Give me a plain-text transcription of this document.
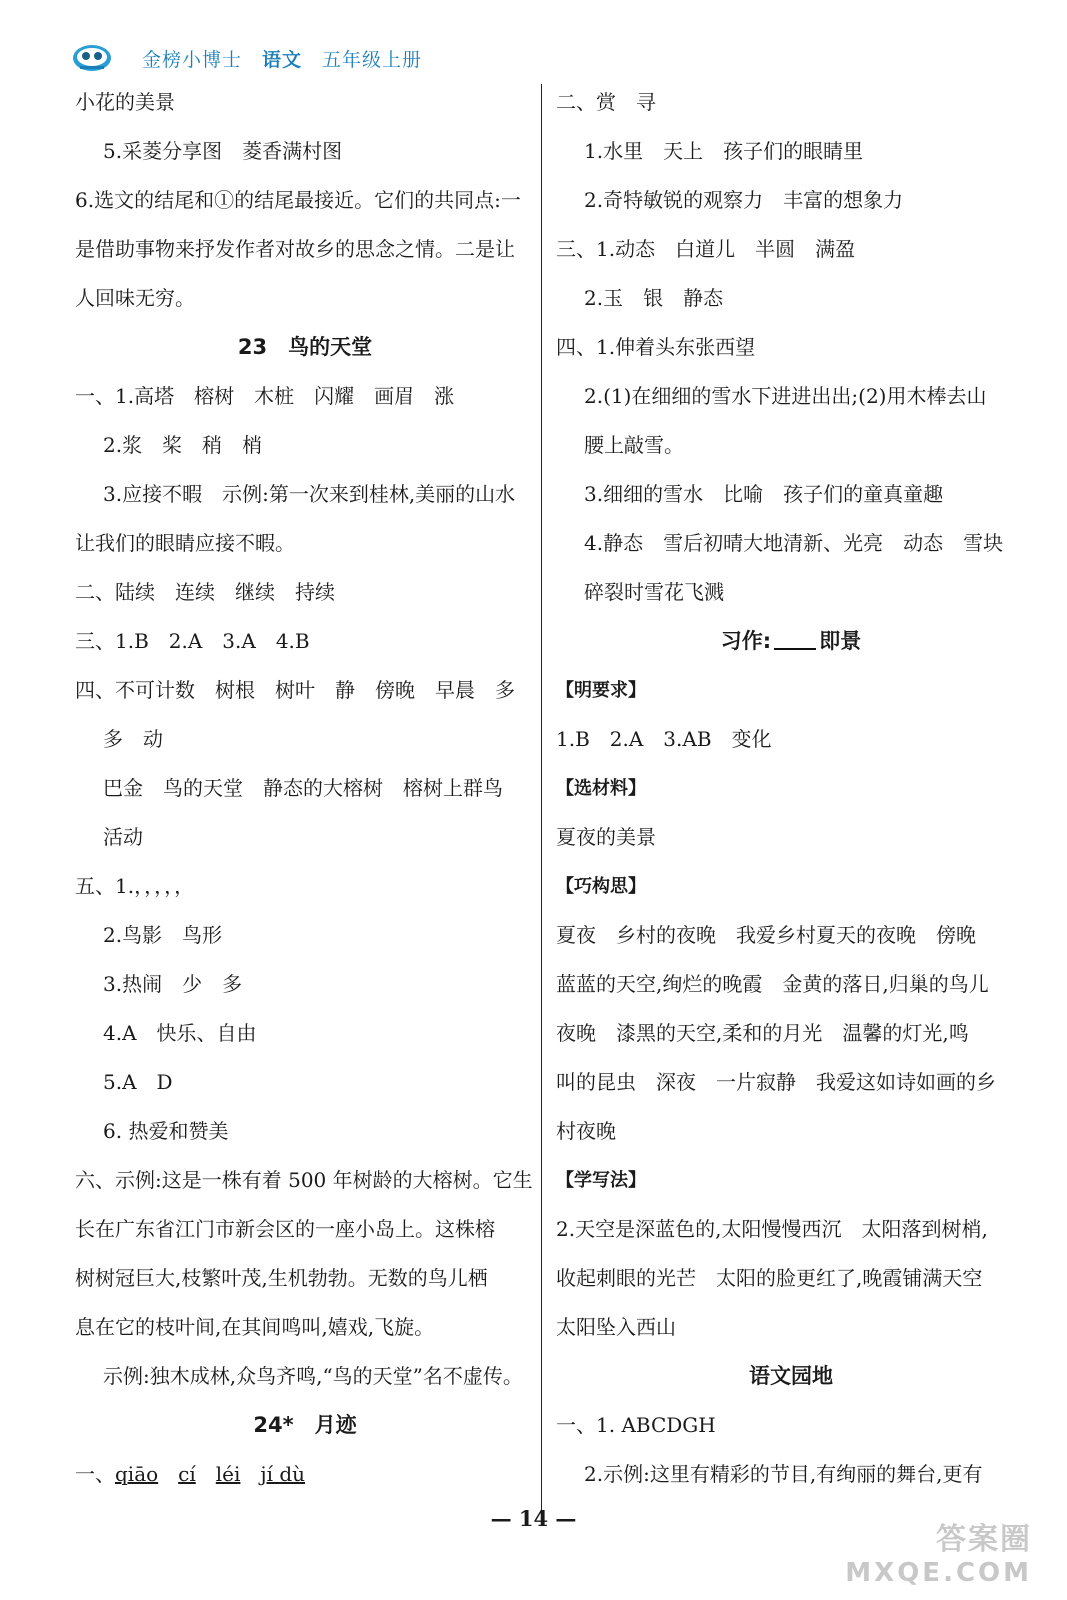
金榜小博士 语文 五年级上册
小花的美景
5.采菱分享图　菱香满村图
6.选文的结尾和①的结尾最接近。它们的共同点:一
是借助事物来抒发作者对故乡的思念之情。二是让
人回味无穷。
23　鸟的天堂
一、1.高塔　榕树　木桩　闪耀　画眉　涨
2.浆　桨　稍　梢
3.应接不暇　示例:第一次来到桂林,美丽的山水
让我们的眼睛应接不暇。
二、陆续　连续　继续　持续
三、1.B　2.A　3.A　4.B
四、不可计数　树根　树叶　静　傍晚　早晨　多
多　动
巴金　鸟的天堂　静态的大榕树　榕树上群鸟
活动
五、1.，，，，，
2.鸟影　鸟形
3.热闹　少　多
4.A　快乐、自由
5.A　D
6. 热爱和赞美
六、示例:这是一株有着 500 年树龄的大榕树。它生
长在广东省江门市新会区的一座小岛上。这株榕
树树冠巨大,枝繁叶茂,生机勃勃。无数的鸟儿栖
息在它的枝叶间,在其间鸣叫,嬉戏,飞旋。
示例:独木成林,众鸟齐鸣,“鸟的天堂”名不虚传。
24*　月迹
一、qiāo cí léi jí dù
二、赏　寻
1.水里　天上　孩子们的眼睛里
2.奇特敏锐的观察力　丰富的想象力
三、1.动态　白道儿　半圆　满盈
2.玉　银　静态
四、1.伸着头东张西望
2.(1)在细细的雪水下进进出出;(2)用木棒去山
腰上敲雪。
3.细细的雪水　比喻　孩子们的童真童趣
4.静态　雪后初晴大地清新、光亮　动态　雪块
碎裂时雪花飞溅
习作: 即景
【明要求】
1.B　2.A　3.AB　变化
【选材料】
夏夜的美景
【巧构思】
夏夜　乡村的夜晚　我爱乡村夏天的夜晚　傍晚
蓝蓝的天空,绚烂的晚霞　金黄的落日,归巢的鸟儿
夜晚　漆黑的天空,柔和的月光　温馨的灯光,鸣
叫的昆虫　深夜　一片寂静　我爱这如诗如画的乡
村夜晚
【学写法】
2.天空是深蓝色的,太阳慢慢西沉　太阳落到树梢,
收起刺眼的光芒　太阳的脸更红了,晚霞铺满天空
太阳坠入西山
语文园地
一、1. ABCDGH
2.示例:这里有精彩的节目,有绚丽的舞台,更有
— 14 —
答案圈
MXQE.COM
